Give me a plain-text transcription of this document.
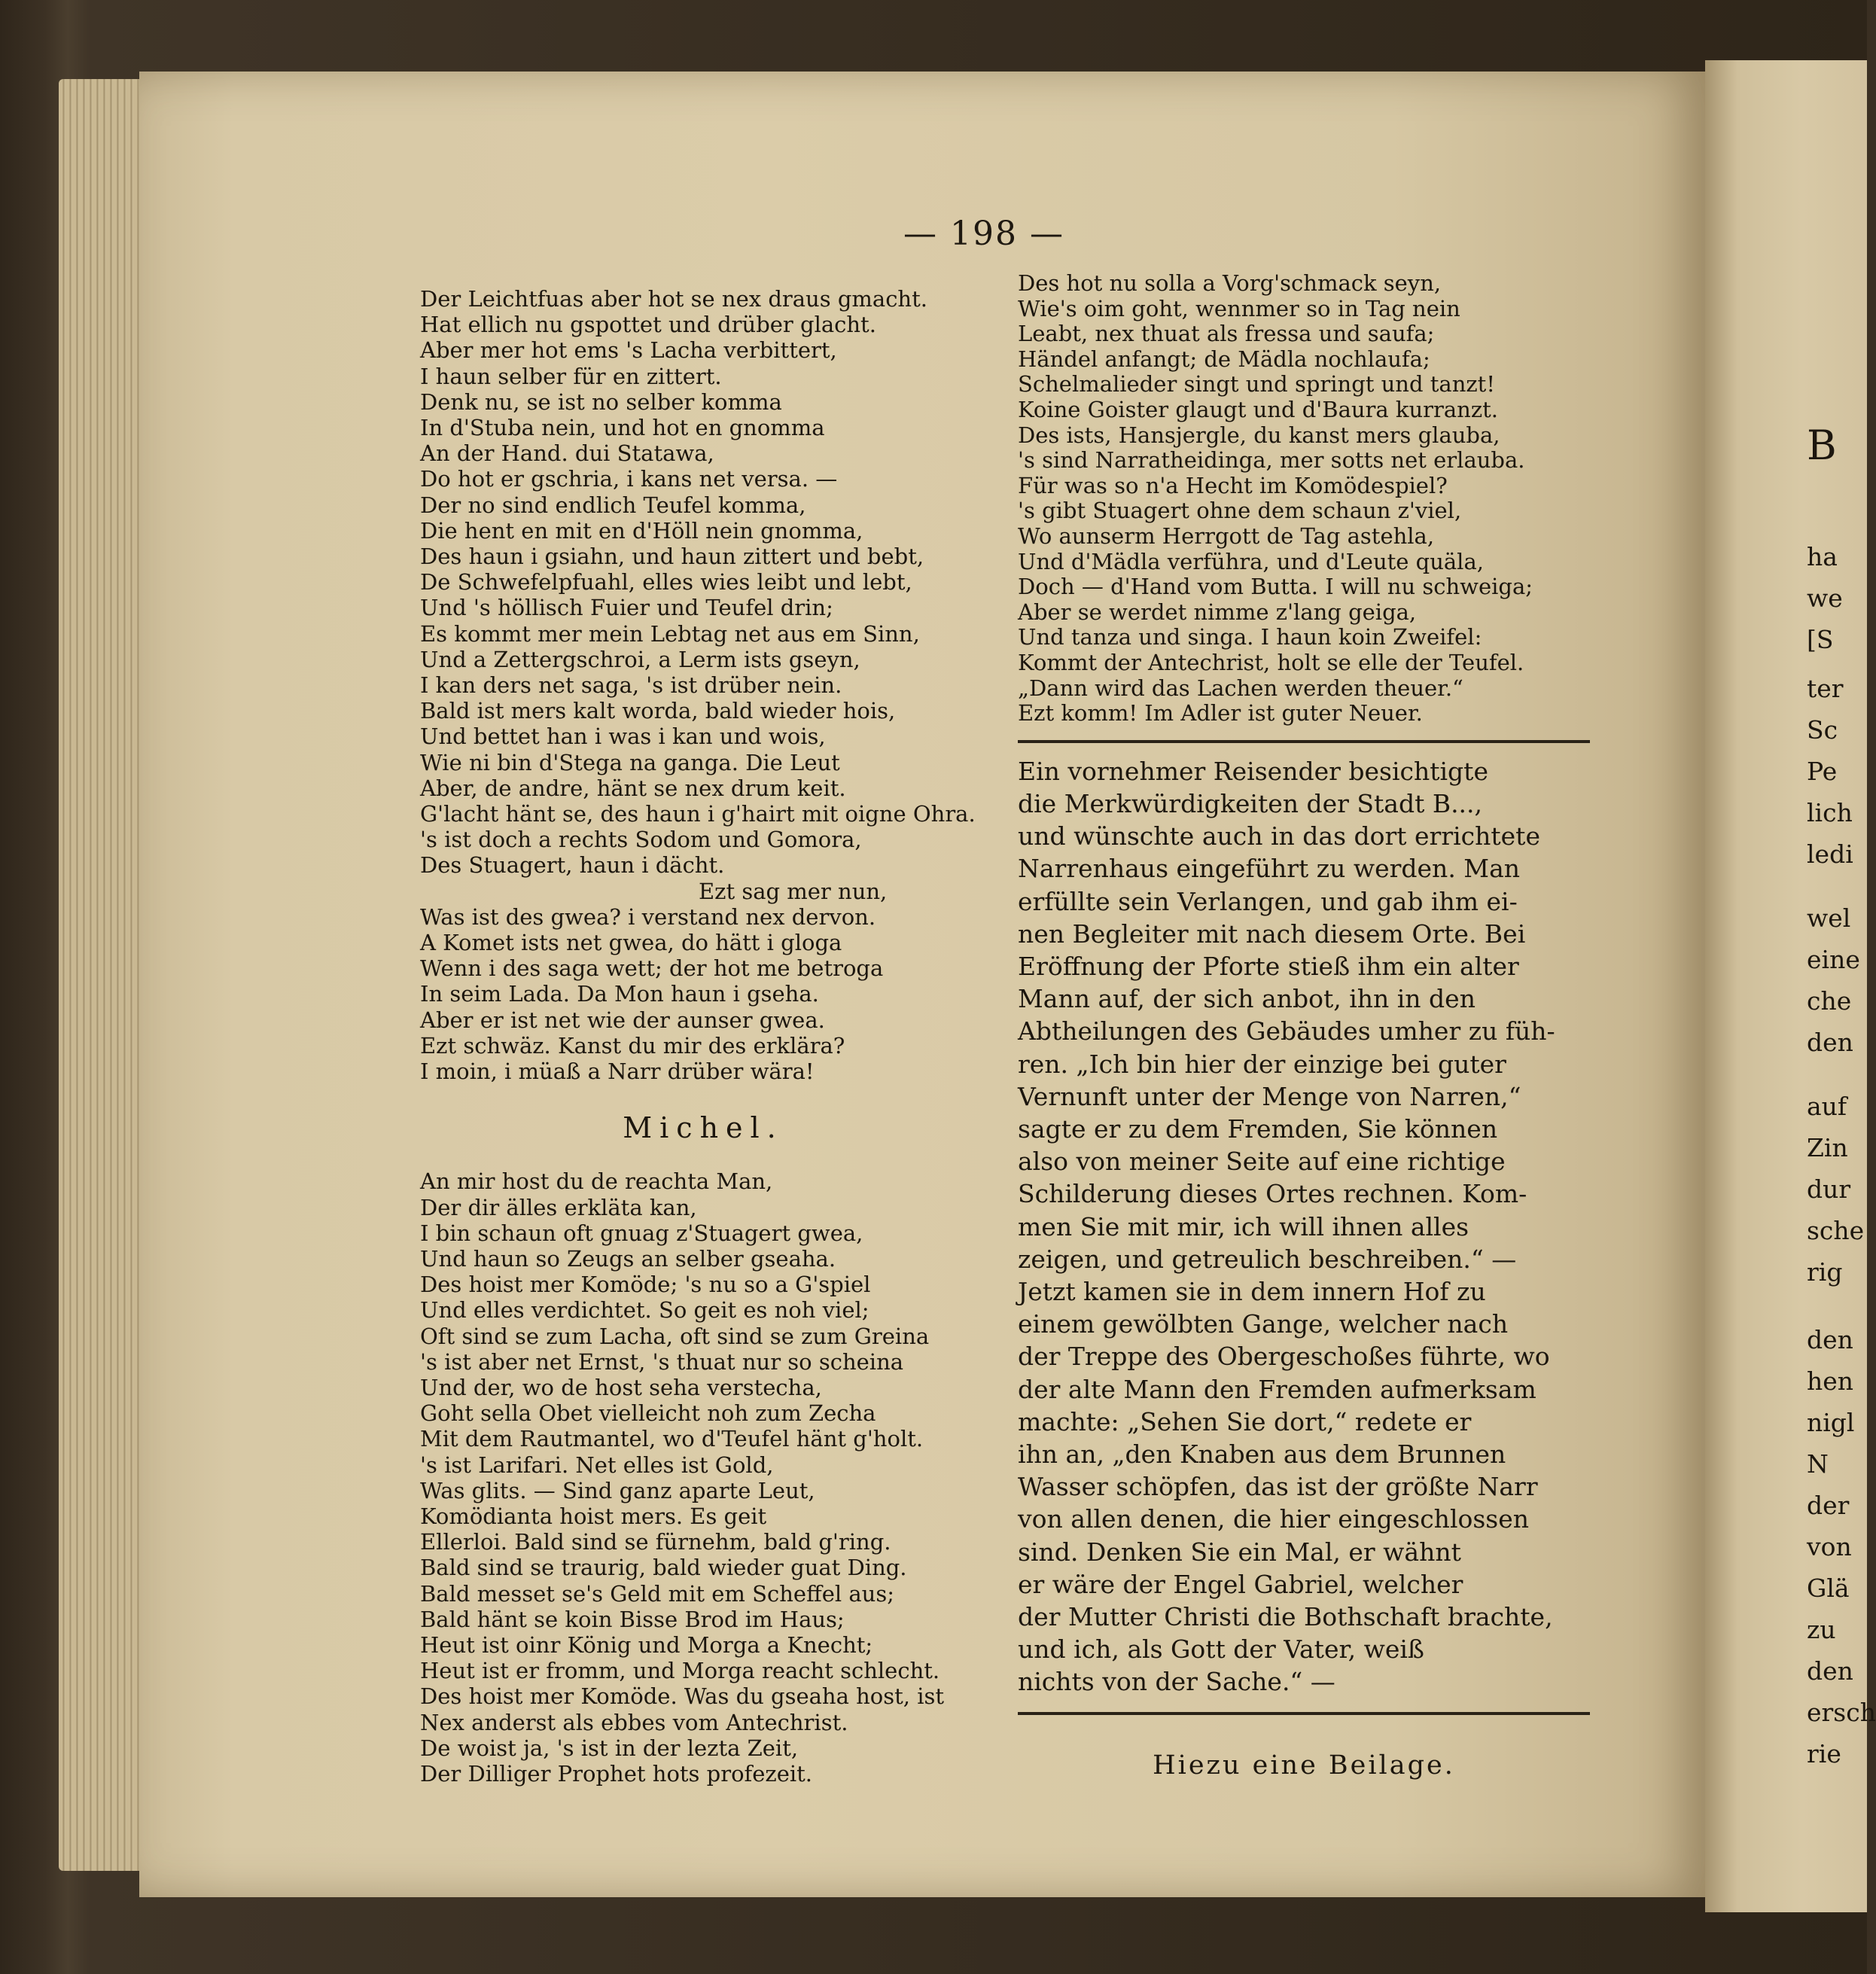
— 198 —
Der Leichtfuas aber hot se nex draus gmacht.
Hat ellich nu gspottet und drüber glacht.
Aber mer hot ems 's Lacha verbittert,
I haun selber für en zittert.
Denk nu, se ist no selber komma
In d'Stuba nein, und hot en gnomma
An der Hand. dui Statawa,
Do hot er gschria, i kans net versa. —
Der no sind endlich Teufel komma,
Die hent en mit en d'Höll nein gnomma,
Des haun i gsiahn, und haun zittert und bebt,
De Schwefelpfuahl, elles wies leibt und lebt,
Und 's höllisch Fuier und Teufel drin;
Es kommt mer mein Lebtag net aus em Sinn,
Und a Zettergschroi, a Lerm ists gseyn,
I kan ders net saga, 's ist drüber nein.
Bald ist mers kalt worda, bald wieder hois,
Und bettet han i was i kan und wois,
Wie ni bin d'Stega na ganga. Die Leut
Aber, de andre, hänt se nex drum keit.
G'lacht hänt se, des haun i g'hairt mit oigne Ohra.
's ist doch a rechts Sodom und Gomora,
Des Stuagert, haun i dächt.
Ezt sag mer nun,
Was ist des gwea? i verstand nex dervon.
A Komet ists net gwea, do hätt i gloga
Wenn i des saga wett; der hot me betroga
In seim Lada. Da Mon haun i gseha.
Aber er ist net wie der aunser gwea.
Ezt schwäz. Kanst du mir des erklära?
I moin, i müaß a Narr drüber wära!
Michel.
An mir host du de reachta Man,
Der dir älles erkläta kan,
I bin schaun oft gnuag z'Stuagert gwea,
Und haun so Zeugs an selber gseaha.
Des hoist mer Komöde; 's nu so a G'spiel
Und elles verdichtet. So geit es noh viel;
Oft sind se zum Lacha, oft sind se zum Greina
's ist aber net Ernst, 's thuat nur so scheina
Und der, wo de host seha verstecha,
Goht sella Obet vielleicht noh zum Zecha
Mit dem Rautmantel, wo d'Teufel hänt g'holt.
's ist Larifari. Net elles ist Gold,
Was glits. — Sind ganz aparte Leut,
Komödianta hoist mers. Es geit
Ellerloi. Bald sind se fürnehm, bald g'ring.
Bald sind se traurig, bald wieder guat Ding.
Bald messet se's Geld mit em Scheffel aus;
Bald hänt se koin Bisse Brod im Haus;
Heut ist oinr König und Morga a Knecht;
Heut ist er fromm, und Morga reacht schlecht.
Des hoist mer Komöde. Was du gseaha host, ist
Nex anderst als ebbes vom Antechrist.
De woist ja, 's ist in der lezta Zeit,
Der Dilliger Prophet hots profezeit.
Des hot nu solla a Vorg'schmack seyn,
Wie's oim goht, wennmer so in Tag nein
Leabt, nex thuat als fressa und saufa;
Händel anfangt; de Mädla nochlaufa;
Schelmalieder singt und springt und tanzt!
Koine Goister glaugt und d'Baura kurranzt.
Des ists, Hansjergle, du kanst mers glauba,
's sind Narratheidinga, mer sotts net erlauba.
Für was so n'a Hecht im Komödespiel?
's gibt Stuagert ohne dem schaun z'viel,
Wo aunserm Herrgott de Tag astehla,
Und d'Mädla verführa, und d'Leute quäla,
Doch — d'Hand vom Butta. I will nu schweiga;
Aber se werdet nimme z'lang geiga,
Und tanza und singa. I haun koin Zweifel:
Kommt der Antechrist, holt se elle der Teufel.
„Dann wird das Lachen werden theuer.“
Ezt komm! Im Adler ist guter Neuer.
Ein vornehmer Reisender besichtigte
die Merkwürdigkeiten der Stadt B...,
und wünschte auch in das dort errichtete
Narrenhaus eingeführt zu werden. Man
erfüllte sein Verlangen, und gab ihm ei-
nen Begleiter mit nach diesem Orte. Bei
Eröffnung der Pforte stieß ihm ein alter
Mann auf, der sich anbot, ihn in den
Abtheilungen des Gebäudes umher zu füh-
ren. „Ich bin hier der einzige bei guter
Vernunft unter der Menge von Narren,“
sagte er zu dem Fremden, Sie können
also von meiner Seite auf eine richtige
Schilderung dieses Ortes rechnen. Kom-
men Sie mit mir, ich will ihnen alles
zeigen, und getreulich beschreiben.“ —
Jetzt kamen sie in dem innern Hof zu
einem gewölbten Gange, welcher nach
der Treppe des Obergeschoßes führte, wo
der alte Mann den Fremden aufmerksam
machte: „Sehen Sie dort,“ redete er
ihn an, „den Knaben aus dem Brunnen
Wasser schöpfen, das ist der größte Narr
von allen denen, die hier eingeschlossen
sind. Denken Sie ein Mal, er wähnt
er wäre der Engel Gabriel, welcher
der Mutter Christi die Bothschaft brachte,
und ich, als Gott der Vater, weiß
nichts von der Sache.“ —
Hiezu eine Beilage.
B
ha
we
[S
ter
Sc
Pe
lich
ledi
wel
eine
che
den
auf
Zin
dur
sche
rig
den
hen
nigl
N
der
von
Glä
zu
den
ersch
rie
